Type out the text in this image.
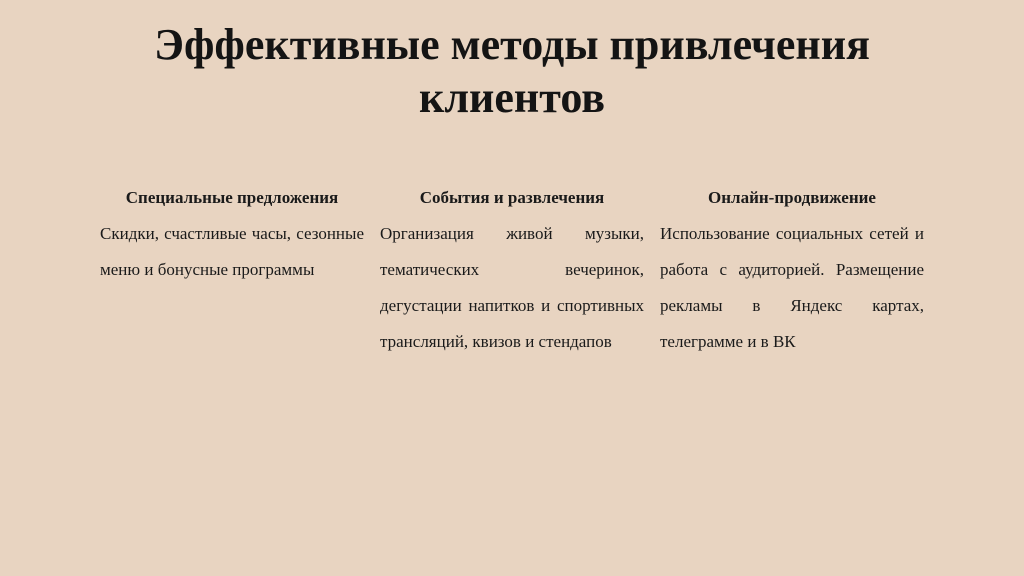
Эффективные методы привлечения клиентов
Специальные предложения
Скидки, счастливые часы, сезонные меню и бонусные программы
События и развлечения
Организация живой музыки, тематических вечеринок, дегустации напитков и спортивных трансляций, квизов и стендапов
Онлайн-продвижение
Использование социальных сетей и работа с аудиторией. Размещение рекламы в Яндекс картах, телеграмме и в ВК
